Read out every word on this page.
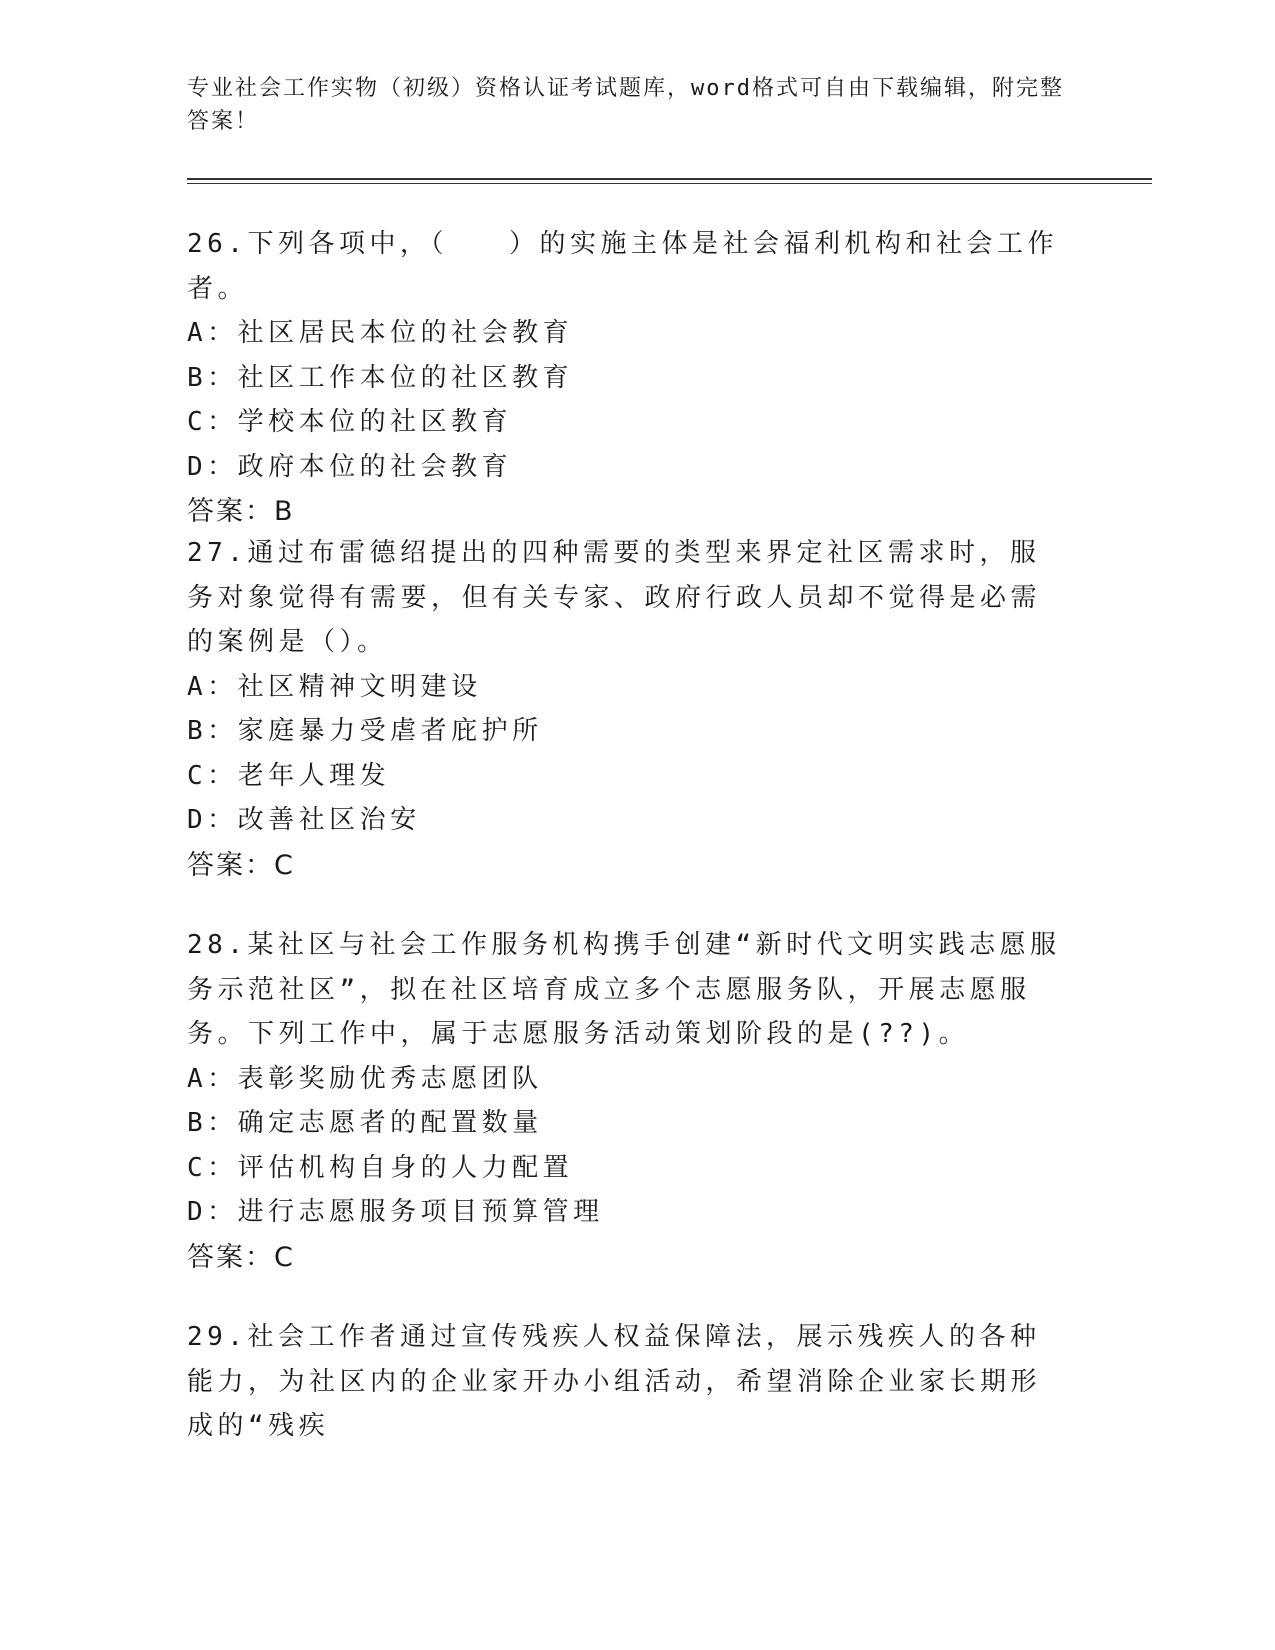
专业社会工作实物（初级）资格认证考试题库，word格式可自由下载编辑，附完整答案！

26.下列各项中，（　　）的实施主体是社会福利机构和社会工作者。

A：社区居民本位的社会教育
B：社区工作本位的社区教育
C：学校本位的社区教育
D：政府本位的社会教育

答案：B

27.通过布雷德绍提出的四种需要的类型来界定社区需求时，服务对象觉得有需要，但有关专家、政府行政人员却不觉得是必需的案例是（）。

A：社区精神文明建设
B：家庭暴力受虐者庇护所
C：老年人理发
D：改善社区治安

答案：C

28.某社区与社会工作服务机构携手创建“新时代文明实践志愿服务示范社区”，拟在社区培育成立多个志愿服务队，开展志愿服务。下列工作中，属于志愿服务活动策划阶段的是(??)。

A：表彰奖励优秀志愿团队
B：确定志愿者的配置数量
C：评估机构自身的人力配置
D：进行志愿服务项目预算管理

答案：C

29.社会工作者通过宣传残疾人权益保障法，展示残疾人的各种能力，为社区内的企业家开办小组活动，希望消除企业家长期形成的“残疾
